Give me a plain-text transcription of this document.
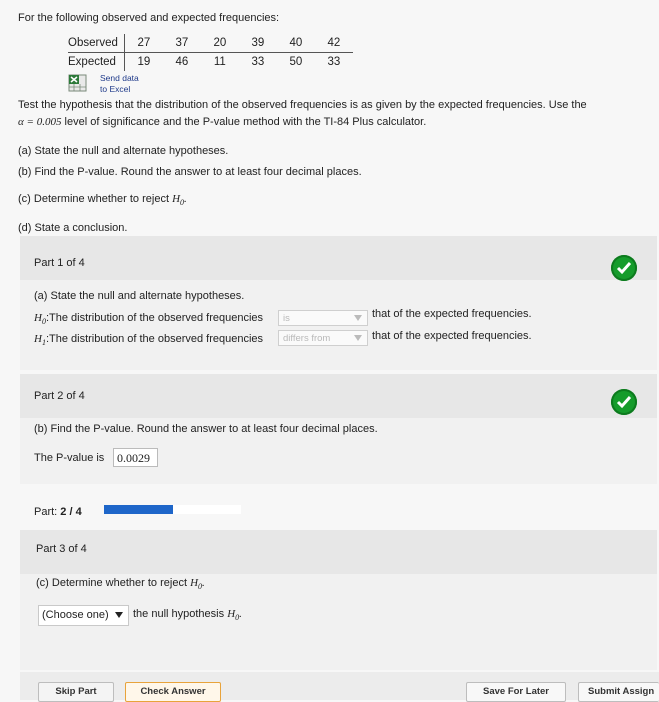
For the following observed and expected frequencies:
Observed	27	37	20	39	40	42
Expected	19	46	11	33	50	33
Send data
to Excel
Test the hypothesis that the distribution of the observed frequencies is as given by the expected frequencies. Use the
α = 0.005 level of significance and the P-value method with the TI-84 Plus calculator.
(a) State the null and alternate hypotheses.
(b) Find the P-value. Round the answer to at least four decimal places.
(c) Determine whether to reject $H_0$.
(d) State a conclusion.
Part 1 of 4
(a) State the null and alternate hypotheses.
$H_0:The$ distribution of the observed frequencies	is	that of the expected frequencies.
$H_1:The$ distribution of the observed frequencies	differs from	that of the expected frequencies.
Part 2 of 4
(b) Find the P-value. Round the answer to at least four decimal places.
The P-value is	0.0029
Part: 2 / 4
Part 3 of 4
(c) Determine whether to reject $H_0$.
(Choose one)	the null hypothesis $H_0$.
Skip Part	Check Answer	Save For Later	Submit Assign
